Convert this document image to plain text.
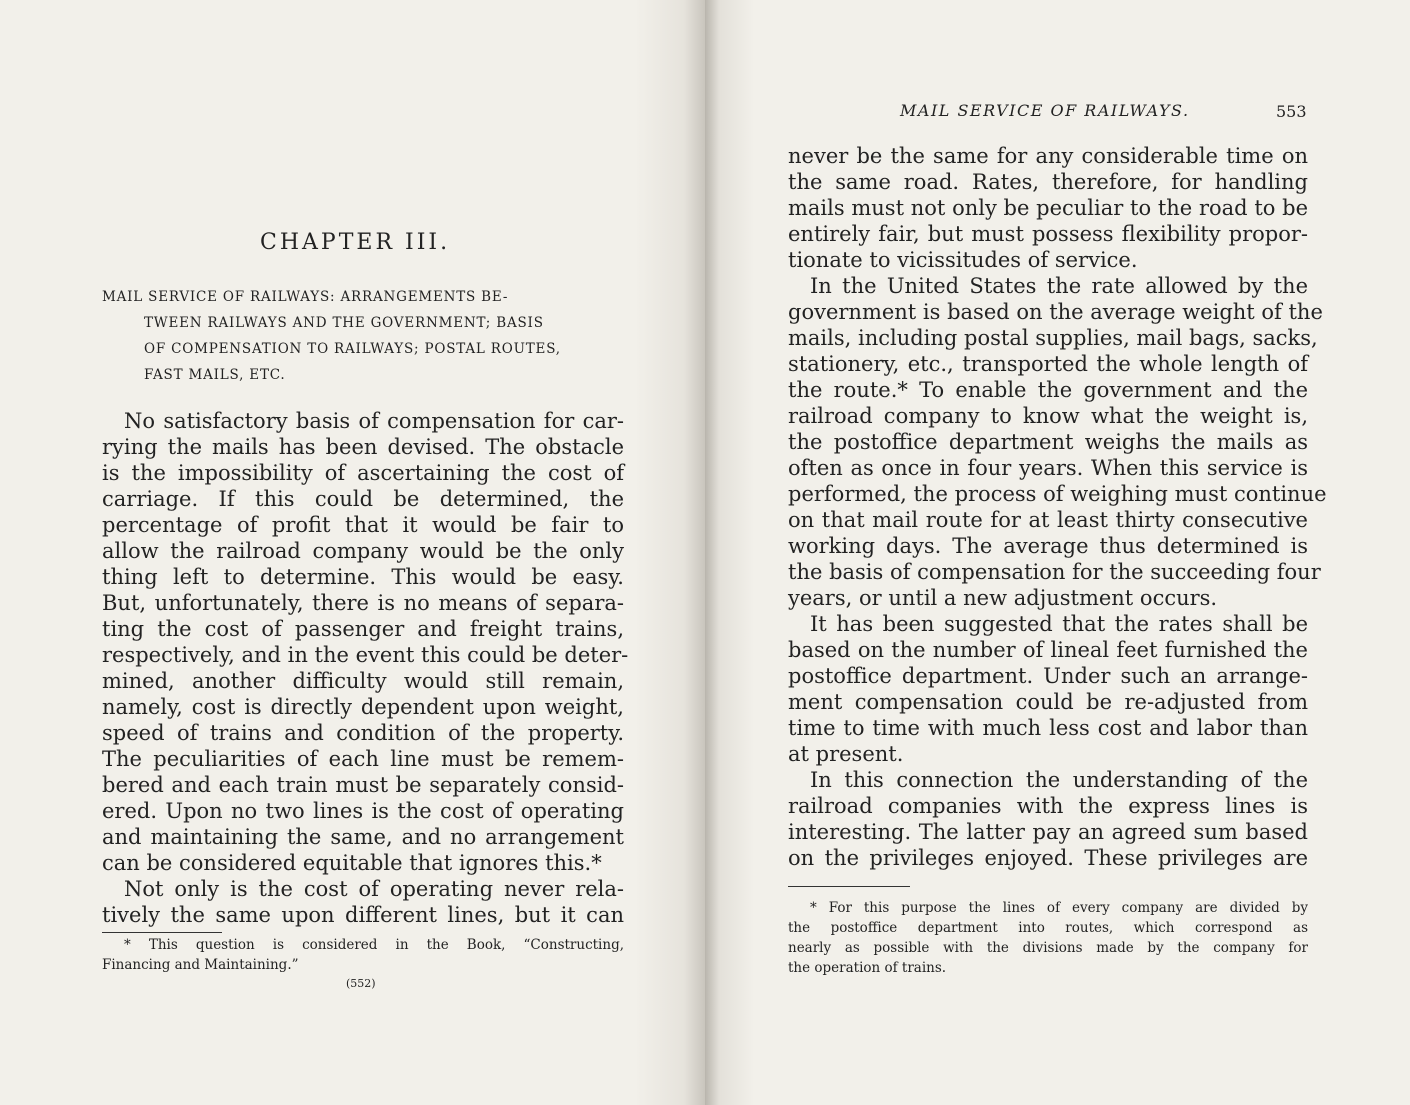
CHAPTER III.
MAIL SERVICE OF RAILWAYS: ARRANGEMENTS BE-
TWEEN RAILWAYS AND THE GOVERNMENT; BASIS
OF COMPENSATION TO RAILWAYS; POSTAL ROUTES,
FAST MAILS, ETC.
No satisfactory basis of compensation for car-
rying the mails has been devised. The obstacle
is the impossibility of ascertaining the cost of
carriage. If this could be determined, the
percentage of profit that it would be fair to
allow the railroad company would be the only
thing left to determine. This would be easy.
But, unfortunately, there is no means of separa-
ting the cost of passenger and freight trains,
respectively, and in the event this could be deter-
mined, another difficulty would still remain,
namely, cost is directly dependent upon weight,
speed of trains and condition of the property.
The peculiarities of each line must be remem-
bered and each train must be separately consid-
ered. Upon no two lines is the cost of operating
and maintaining the same, and no arrangement
can be considered equitable that ignores this.*
Not only is the cost of operating never rela-
tively the same upon different lines, but it can
* This question is considered in the Book, “Constructing,
Financing and Maintaining.”
(552)
MAIL SERVICE OF RAILWAYS.	553
never be the same for any considerable time on
the same road. Rates, therefore, for handling
mails must not only be peculiar to the road to be
entirely fair, but must possess flexibility propor-
tionate to vicissitudes of service.
In the United States the rate allowed by the
government is based on the average weight of the
mails, including postal supplies, mail bags, sacks,
stationery, etc., transported the whole length of
the route.* To enable the government and the
railroad company to know what the weight is,
the postoffice department weighs the mails as
often as once in four years. When this service is
performed, the process of weighing must continue
on that mail route for at least thirty consecutive
working days. The average thus determined is
the basis of compensation for the succeeding four
years, or until a new adjustment occurs.
It has been suggested that the rates shall be
based on the number of lineal feet furnished the
postoffice department. Under such an arrange-
ment compensation could be re-adjusted from
time to time with much less cost and labor than
at present.
In this connection the understanding of the
railroad companies with the express lines is
interesting. The latter pay an agreed sum based
on the privileges enjoyed. These privileges are
* For this purpose the lines of every company are divided by
the postoffice department into routes, which correspond as
nearly as possible with the divisions made by the company for
the operation of trains.
